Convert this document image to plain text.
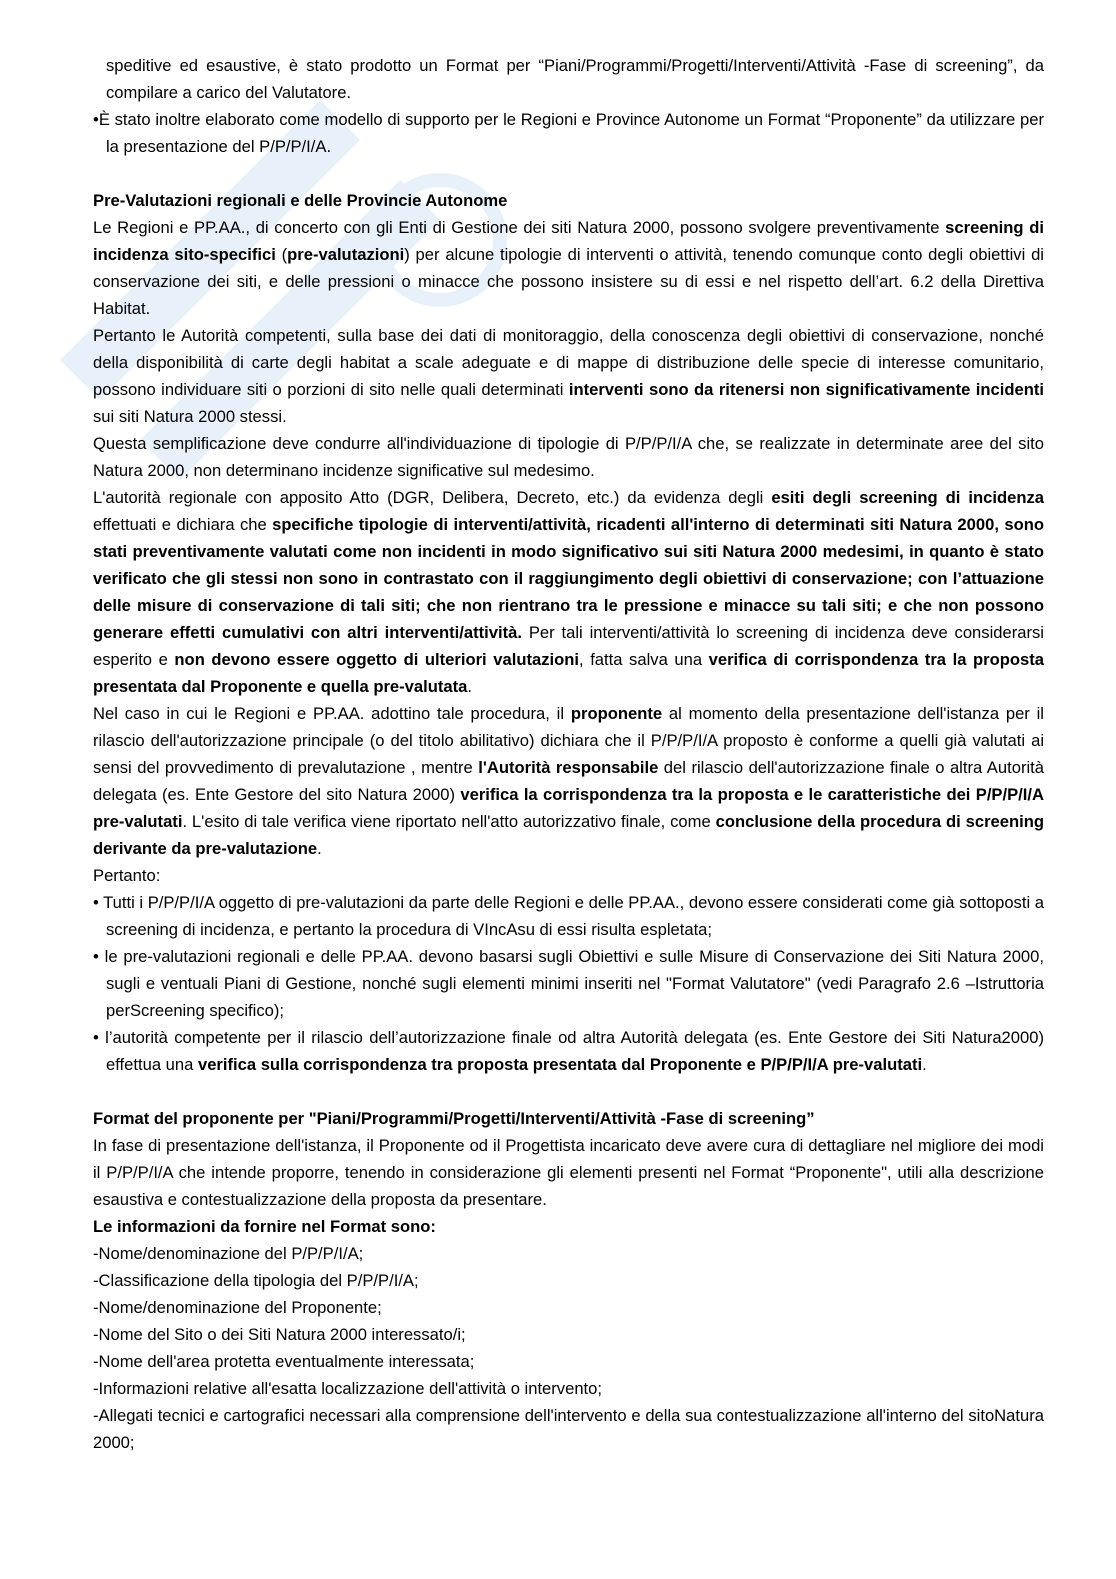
speditive ed esaustive, è stato prodotto un Format per “Piani/Programmi/Progetti/Interventi/Attività -Fase di screening”, da compilare a carico del Valutatore.

•È stato inoltre elaborato come modello di supporto per le Regioni e Province Autonome un Format “Proponente” da utilizzare per la presentazione del P/P/P/I/A.

Pre-Valutazioni regionali e delle Provincie Autonome

Le Regioni e PP.AA., di concerto con gli Enti di Gestione dei siti Natura 2000, possono svolgere preventivamente screening di incidenza sito-specifici (pre-valutazioni) per alcune tipologie di interventi o attività, tenendo comunque conto degli obiettivi di conservazione dei siti, e delle pressioni o minacce che possono insistere su di essi e nel rispetto dell’art. 6.2 della Direttiva Habitat.

Pertanto le Autorità competenti, sulla base dei dati di monitoraggio, della conoscenza degli obiettivi di conservazione, nonché della disponibilità di carte degli habitat a scale adeguate e di mappe di distribuzione delle specie di interesse comunitario, possono individuare siti o porzioni di sito nelle quali determinati interventi sono da ritenersi non significativamente incidenti sui siti Natura 2000 stessi.

Questa semplificazione deve condurre all'individuazione di tipologie di P/P/P/I/A che, se realizzate in determinate aree del sito Natura 2000, non determinano incidenze significative sul medesimo.

L'autorità regionale con apposito Atto (DGR, Delibera, Decreto, etc.) da evidenza degli esiti degli screening di incidenza effettuati e dichiara che specifiche tipologie di interventi/attività, ricadenti all'interno di determinati siti Natura 2000, sono stati preventivamente valutati come non incidenti in modo significativo sui siti Natura 2000 medesimi, in quanto è stato verificato che gli stessi non sono in contrastato con il raggiungimento degli obiettivi di conservazione; con l’attuazione delle misure di conservazione di tali siti; che non rientrano tra le pressione e minacce su tali siti; e che non possono generare effetti cumulativi con altri interventi/attività. Per tali interventi/attività lo screening di incidenza deve considerarsi esperito e non devono essere oggetto di ulteriori valutazioni, fatta salva una verifica di corrispondenza tra la proposta presentata dal Proponente e quella pre-valutata.

Nel caso in cui le Regioni e PP.AA. adottino tale procedura, il proponente al momento della presentazione dell'istanza per il rilascio dell'autorizzazione principale (o del titolo abilitativo) dichiara che il P/P/P/I/A proposto è conforme a quelli già valutati ai sensi del provvedimento di prevalutazione , mentre l'Autorità responsabile del rilascio dell'autorizzazione finale o altra Autorità delegata (es. Ente Gestore del sito Natura 2000) verifica la corrispondenza tra la proposta e le caratteristiche dei P/P/P/I/A pre-valutati. L'esito di tale verifica viene riportato nell'atto autorizzativo finale, come conclusione della procedura di screening derivante da pre-valutazione.

Pertanto:

• Tutti i P/P/P/I/A oggetto di pre-valutazioni da parte delle Regioni e delle PP.AA., devono essere considerati come già sottoposti a screening di incidenza, e pertanto la procedura di VIncAsu di essi risulta espletata;

• le pre-valutazioni regionali e delle PP.AA. devono basarsi sugli Obiettivi e sulle Misure di Conservazione dei Siti Natura 2000, sugli e ventuali Piani di Gestione, nonché sugli elementi minimi inseriti nel "Format Valutatore" (vedi Paragrafo 2.6 –Istruttoria perScreening specifico);

• l’autorità competente per il rilascio dell’autorizzazione finale od altra Autorità delegata (es. Ente Gestore dei Siti Natura2000) effettua una verifica sulla corrispondenza tra proposta presentata dal Proponente e P/P/P/I/A pre-valutati.

Format del proponente per "Piani/Programmi/Progetti/Interventi/Attività -Fase di screening”

In fase di presentazione dell'istanza, il Proponente od il Progettista incaricato deve avere cura di dettagliare nel migliore dei modi il P/P/P/I/A che intende proporre, tenendo in considerazione gli elementi presenti nel Format “Proponente", utili alla descrizione esaustiva e contestualizzazione della proposta da presentare.

Le informazioni da fornire nel Format sono:

-Nome/denominazione del P/P/P/I/A;

-Classificazione della tipologia del P/P/P/I/A;

-Nome/denominazione del Proponente;

-Nome del Sito o dei Siti Natura 2000 interessato/i;

-Nome dell'area protetta eventualmente interessata;

-Informazioni relative all'esatta localizzazione dell'attività o intervento;

-Allegati tecnici e cartografici necessari alla comprensione dell'intervento e della sua contestualizzazione all'interno del sitoNatura 2000;
